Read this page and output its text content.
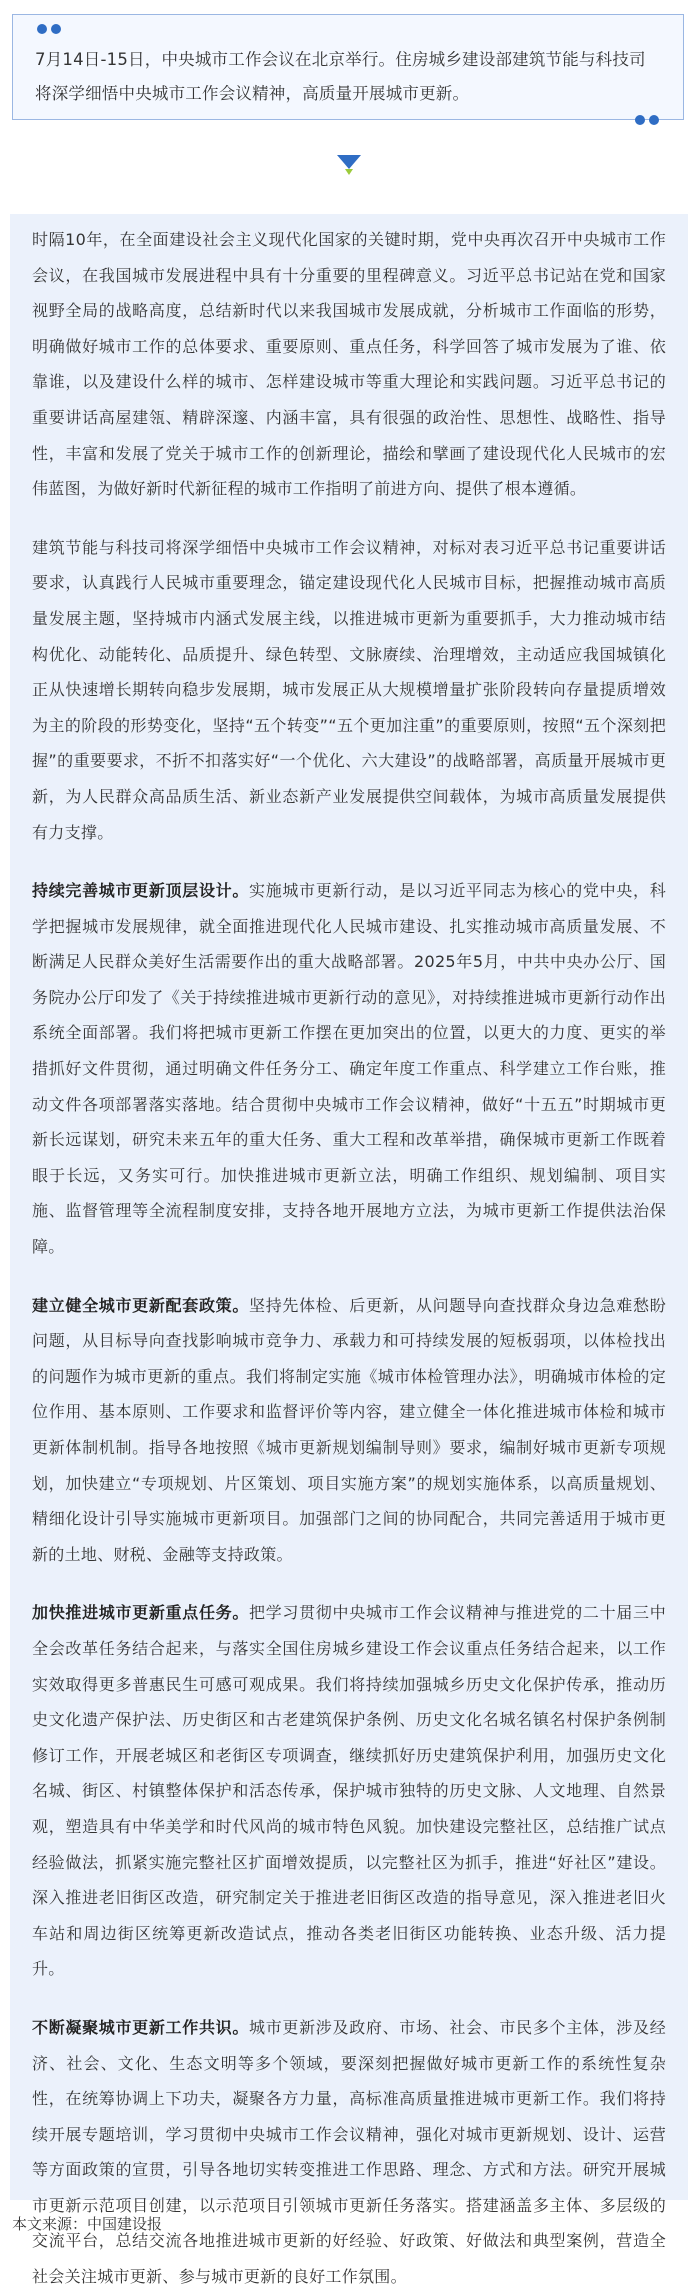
7月14日-15日，中央城市工作会议在北京举行。住房城乡建设部建筑节能与科技司将深学细悟中央城市工作会议精神，高质量开展城市更新。

时隔10年，在全面建设社会主义现代化国家的关键时期，党中央再次召开中央城市工作会议，在我国城市发展进程中具有十分重要的里程碑意义。习近平总书记站在党和国家视野全局的战略高度，总结新时代以来我国城市发展成就，分析城市工作面临的形势，明确做好城市工作的总体要求、重要原则、重点任务，科学回答了城市发展为了谁、依靠谁，以及建设什么样的城市、怎样建设城市等重大理论和实践问题。习近平总书记的重要讲话高屋建瓴、精辟深邃、内涵丰富，具有很强的政治性、思想性、战略性、指导性，丰富和发展了党关于城市工作的创新理论，描绘和擘画了建设现代化人民城市的宏伟蓝图，为做好新时代新征程的城市工作指明了前进方向、提供了根本遵循。

建筑节能与科技司将深学细悟中央城市工作会议精神，对标对表习近平总书记重要讲话要求，认真践行人民城市重要理念，锚定建设现代化人民城市目标，把握推动城市高质量发展主题，坚持城市内涵式发展主线，以推进城市更新为重要抓手，大力推动城市结构优化、动能转化、品质提升、绿色转型、文脉赓续、治理增效，主动适应我国城镇化正从快速增长期转向稳步发展期，城市发展正从大规模增量扩张阶段转向存量提质增效为主的阶段的形势变化，坚持“五个转变”“五个更加注重”的重要原则，按照“五个深刻把握”的重要要求，不折不扣落实好“一个优化、六大建设”的战略部署，高质量开展城市更新，为人民群众高品质生活、新业态新产业发展提供空间载体，为城市高质量发展提供有力支撑。

持续完善城市更新顶层设计。实施城市更新行动，是以习近平同志为核心的党中央，科学把握城市发展规律，就全面推进现代化人民城市建设、扎实推动城市高质量发展、不断满足人民群众美好生活需要作出的重大战略部署。2025年5月，中共中央办公厅、国务院办公厅印发了《关于持续推进城市更新行动的意见》，对持续推进城市更新行动作出系统全面部署。我们将把城市更新工作摆在更加突出的位置，以更大的力度、更实的举措抓好文件贯彻，通过明确文件任务分工、确定年度工作重点、科学建立工作台账，推动文件各项部署落实落地。结合贯彻中央城市工作会议精神，做好“十五五”时期城市更新长远谋划，研究未来五年的重大任务、重大工程和改革举措，确保城市更新工作既着眼于长远，又务实可行。加快推进城市更新立法，明确工作组织、规划编制、项目实施、监督管理等全流程制度安排，支持各地开展地方立法，为城市更新工作提供法治保障。

建立健全城市更新配套政策。坚持先体检、后更新，从问题导向查找群众身边急难愁盼问题，从目标导向查找影响城市竞争力、承载力和可持续发展的短板弱项，以体检找出的问题作为城市更新的重点。我们将制定实施《城市体检管理办法》，明确城市体检的定位作用、基本原则、工作要求和监督评价等内容，建立健全一体化推进城市体检和城市更新体制机制。指导各地按照《城市更新规划编制导则》要求，编制好城市更新专项规划，加快建立“专项规划、片区策划、项目实施方案”的规划实施体系，以高质量规划、精细化设计引导实施城市更新项目。加强部门之间的协同配合，共同完善适用于城市更新的土地、财税、金融等支持政策。

加快推进城市更新重点任务。把学习贯彻中央城市工作会议精神与推进党的二十届三中全会改革任务结合起来，与落实全国住房城乡建设工作会议重点任务结合起来，以工作实效取得更多普惠民生可感可观成果。我们将持续加强城乡历史文化保护传承，推动历史文化遗产保护法、历史街区和古老建筑保护条例、历史文化名城名镇名村保护条例制修订工作，开展老城区和老街区专项调查，继续抓好历史建筑保护利用，加强历史文化名城、街区、村镇整体保护和活态传承，保护城市独特的历史文脉、人文地理、自然景观，塑造具有中华美学和时代风尚的城市特色风貌。加快建设完整社区，总结推广试点经验做法，抓紧实施完整社区扩面增效提质，以完整社区为抓手，推进“好社区”建设。深入推进老旧街区改造，研究制定关于推进老旧街区改造的指导意见，深入推进老旧火车站和周边街区统筹更新改造试点，推动各类老旧街区功能转换、业态升级、活力提升。

不断凝聚城市更新工作共识。城市更新涉及政府、市场、社会、市民多个主体，涉及经济、社会、文化、生态文明等多个领域，要深刻把握做好城市更新工作的系统性复杂性，在统筹协调上下功夫，凝聚各方力量，高标准高质量推进城市更新工作。我们将持续开展专题培训，学习贯彻中央城市工作会议精神，强化对城市更新规划、设计、运营等方面政策的宣贯，引导各地切实转变推进工作思路、理念、方式和方法。研究开展城市更新示范项目创建，以示范项目引领城市更新任务落实。搭建涵盖多主体、多层级的交流平台，总结交流各地推进城市更新的好经验、好政策、好做法和典型案例，营造全社会关注城市更新、参与城市更新的良好工作氛围。

本文来源：中国建设报
